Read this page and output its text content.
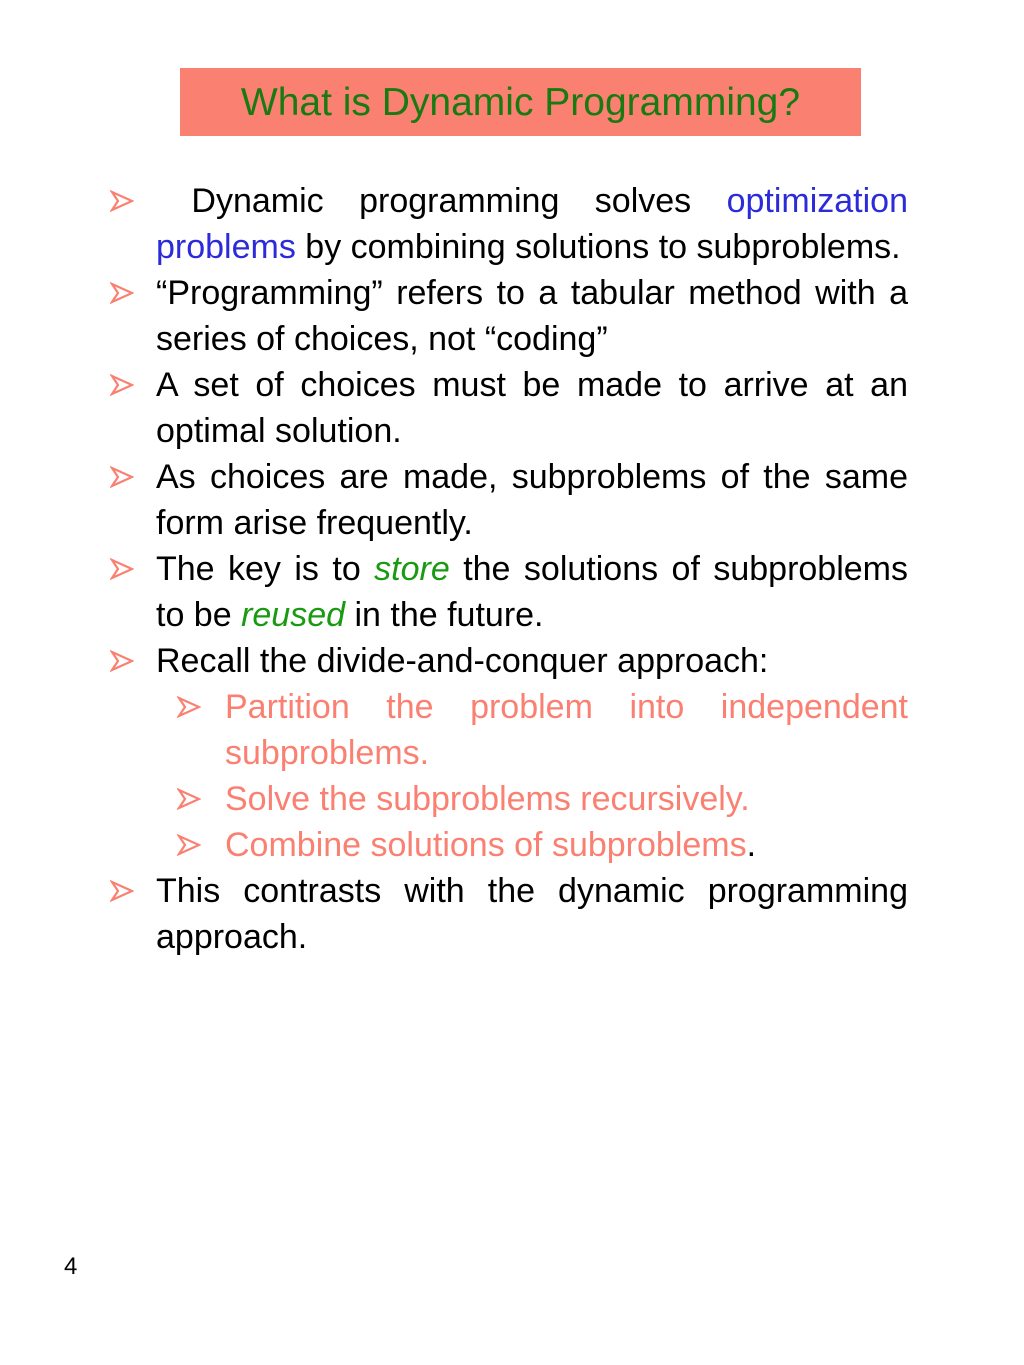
What is Dynamic Programming?
Dynamic programming solves optimization problems by combining solutions to subproblems.
“Programming” refers to a tabular method with a series of choices, not “coding”
A set of choices must be made to arrive at an optimal solution.
As choices are made, subproblems of the same form arise frequently.
The key is to store the solutions of subproblems to be reused in the future.
Recall the divide-and-conquer approach:
Partition the problem into independent subproblems.
Solve the subproblems recursively.
Combine solutions of subproblems.
This contrasts with the dynamic programming approach.
4
